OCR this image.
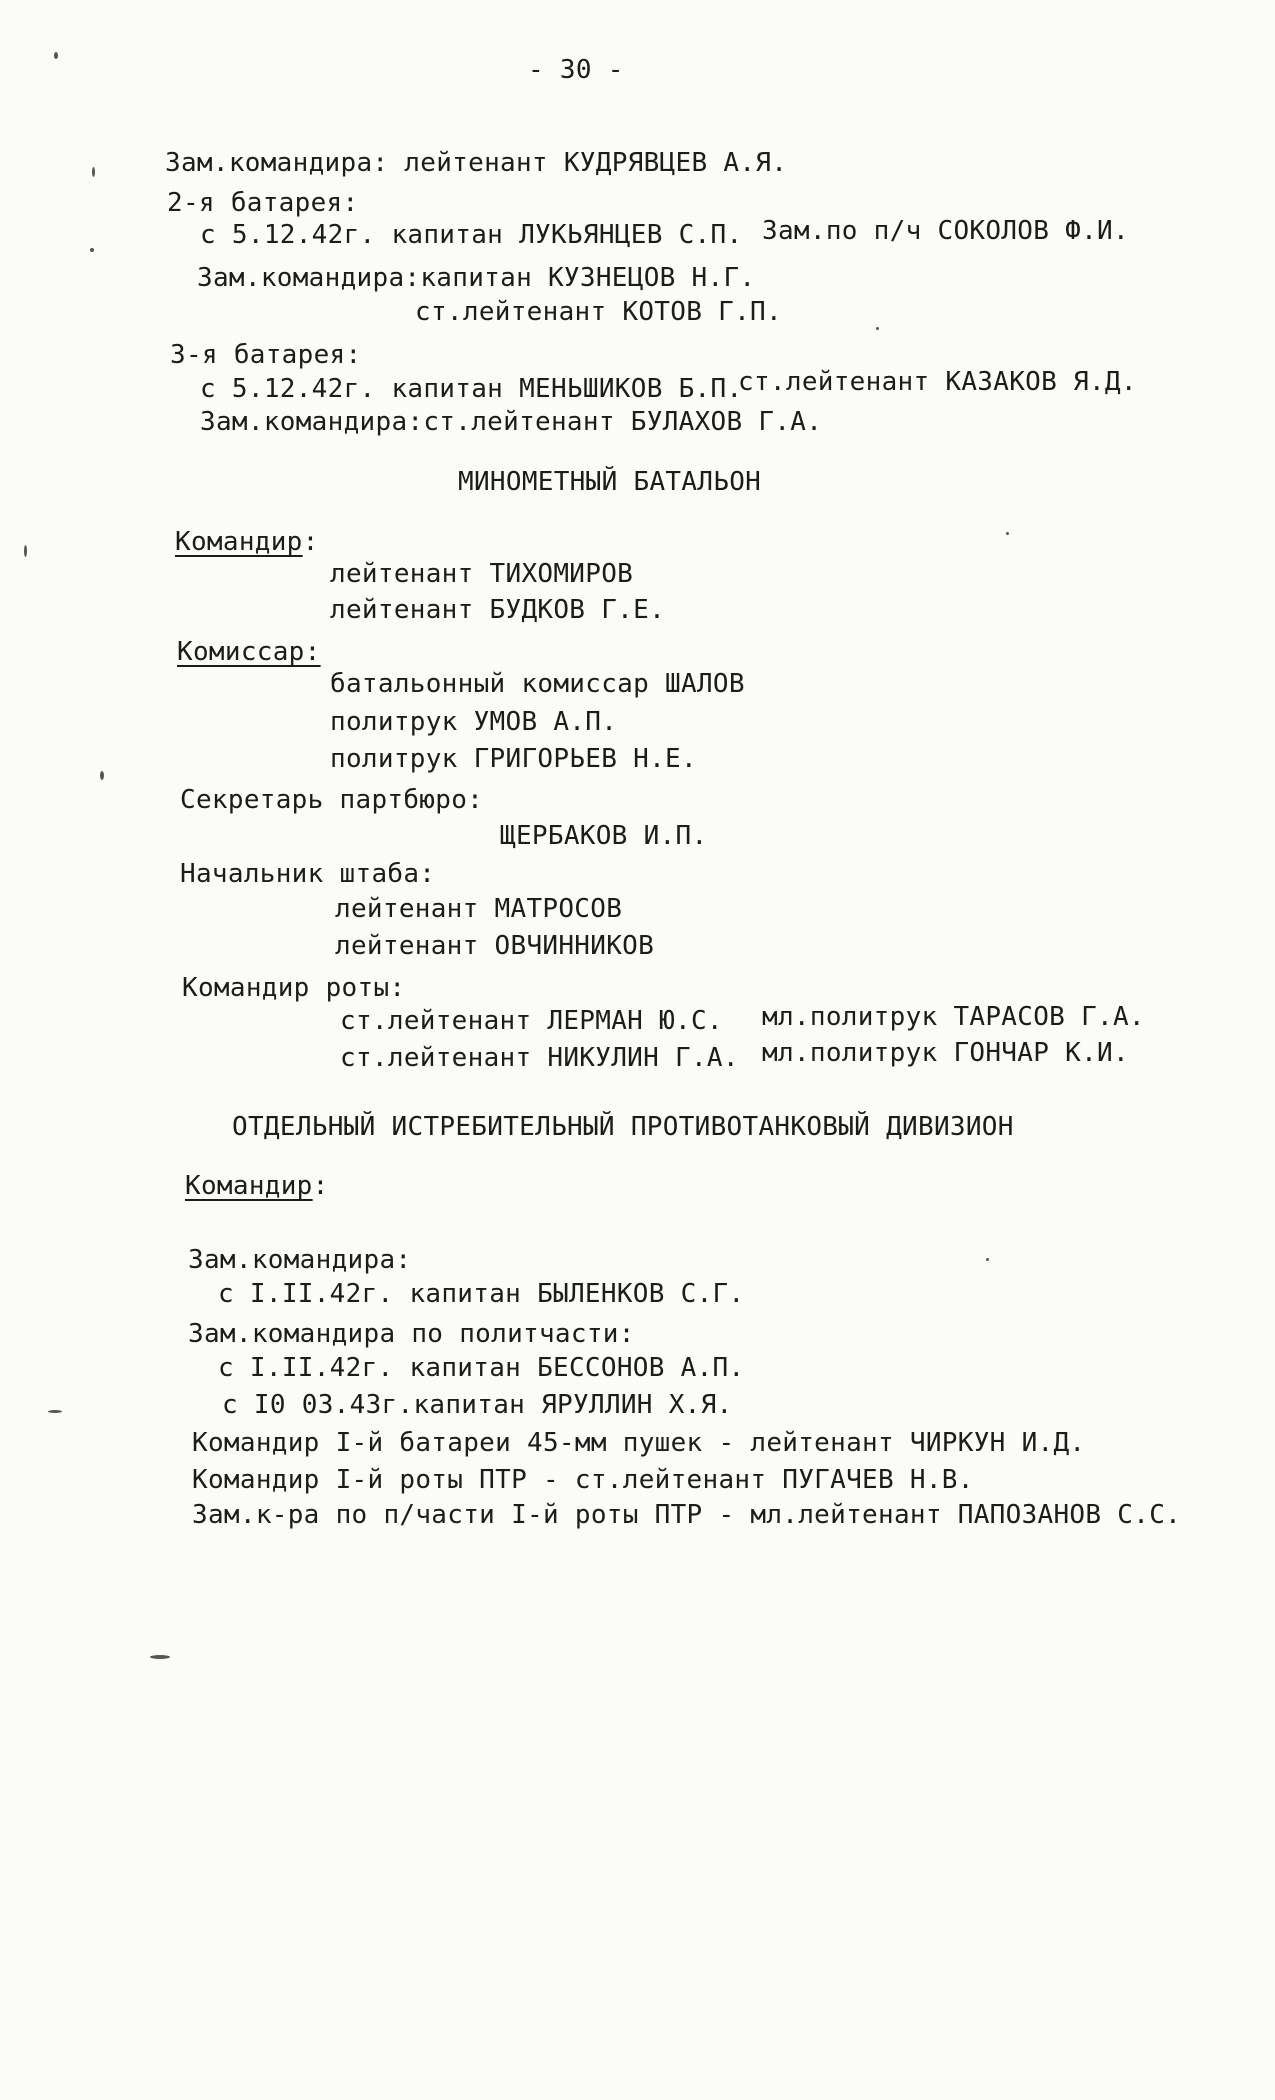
- 30 -
Зам.командира: лейтенант КУДРЯВЦЕВ А.Я.
2-я батарея:
с 5.12.42г. капитан ЛУКЬЯНЦЕВ С.П. Зам.по п/ч СОКОЛОВ Ф.И.
Зам.командира:капитан КУЗНЕЦОВ Н.Г.
ст.лейтенант КОТОВ Г.П.
3-я батарея:
с 5.12.42г. капитан МЕНЬШИКОВ Б.П.
ст.лейтенант КАЗАКОВ Я.Д.
Зам.командира:ст.лейтенант БУЛАХОВ Г.А.
МИНОМЕТНЫЙ БАТАЛЬОН
Командир:
лейтенант ТИХОМИРОВ
лейтенант БУДКОВ Г.Е.
Комиссар:
батальонный комиссар ШАЛОВ
политрук УМОВ А.П.
политрук ГРИГОРЬЕВ Н.Е.
Секретарь партбюро:
ЩЕРБАКОВ И.П.
Начальник штаба:
лейтенант МАТРОСОВ
лейтенант ОВЧИННИКОВ
Командир роты:
ст.лейтенант ЛЕРМАН Ю.С. мл.политрук ТАРАСОВ Г.А.
ст.лейтенант НИКУЛИН Г.А. мл.политрук ГОНЧАР К.И.
ОТДЕЛЬНЫЙ ИСТРЕБИТЕЛЬНЫЙ ПРОТИВОТАНКОВЫЙ ДИВИЗИОН
Командир:
Зам.командира:
с I.II.42г. капитан БЫЛЕНКОВ С.Г.
Зам.командира по политчасти:
с I.II.42г. капитан БЕССОНОВ А.П.
с I0 03.43г.капитан ЯРУЛЛИН Х.Я.
Командир I-й батареи 45-мм пушек - лейтенант ЧИРКУН И.Д.
Командир I-й роты ПТР - ст.лейтенант ПУГАЧЕВ Н.В.
Зам.к-ра по п/части I-й роты ПТР - мл.лейтенант ПАПОЗАНОВ С.С.
